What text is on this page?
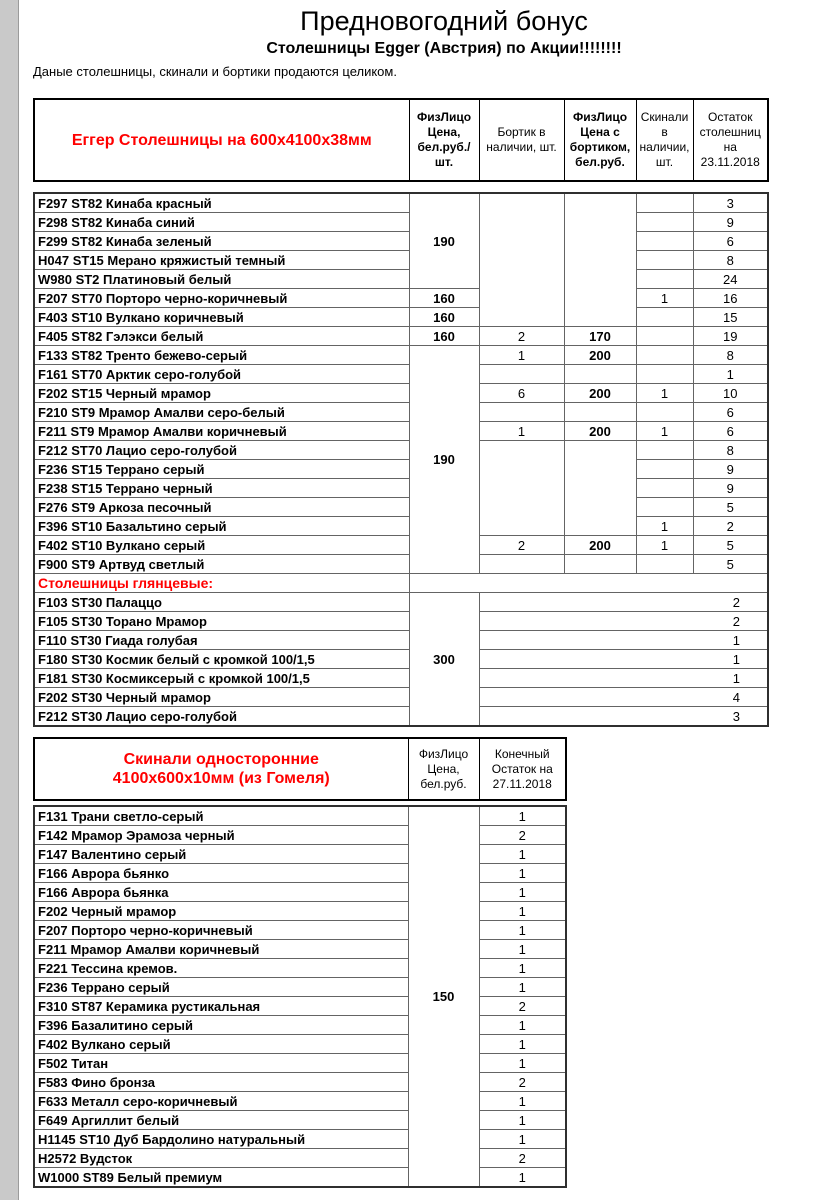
Предновогодний бонус
Столешницы Egger (Австрия) по Акции!!!!!!!!
Даные столешницы, скинали и бортики продаются целиком.
Еггер Столешницы на 600х4100х38мм	ФизЛицо Цена, бел.руб./ шт.	Бортик в наличии, шт.	ФизЛицо Цена с бортиком, бел.руб.	Скинали в наличии, шт.	Остаток столешниц на 23.11.2018
F297 ST82 Кинаба красный	190				3
F298 ST82 Кинаба синий					9
F299 ST82 Кинаба зеленый					6
H047 ST15 Мерано кряжистый темный					8
W980 ST2 Платиновый белый					24
F207 ST70 Порторо черно-коричневый	160			1	16
F403 ST10 Вулкано коричневый	160				15
F405 ST82 Гэлэкси белый	160	2	170		19
F133 ST82 Тренто бежево-серый	190	1	200		8
F161 ST70 Арктик серо-голубой					1
F202 ST15 Черный мрамор		6	200	1	10
F210 ST9 Мрамор Амалви серо-белый					6
F211 ST9 Мрамор Амалви коричневый		1	200	1	6
F212 ST70 Лацио серо-голубой					8
F236 ST15 Террано серый					9
F238 ST15 Террано черный					9
F276 ST9 Аркоза песочный					5
F396 ST10 Базальтино серый				1	2
F402 ST10 Вулкано серый		2	200	1	5
F900 ST9 Артвуд светлый					5
Столешницы глянцевые:					
F103 ST30 Палаццо	300	2			
F105 ST30 Торано Мрамор		2			
F110 ST30 Гиада голубая		1			
F180 ST30 Космик белый с кромкой 100/1,5		1			
F181 ST30 Космиксерый с кромкой 100/1,5		1			
F202 ST30 Черный мрамор		4			
F212 ST30 Лацио серо-голубой		3			
Скинали односторонние
4100х600х10мм (из Гомеля)
	ФизЛицо Цена, бел.руб.	Конечный Остаток на 27.11.2018
F131 Трани светло-серый	150	1
F142 Мрамор Эрамоза черный		2
F147 Валентино серый		1
F166 Аврора бьянко		1
F166 Аврора бьянка		1
F202 Черный мрамор		1
F207 Порторо черно-коричневый		1
F211 Мрамор Амалви коричневый		1
F221 Тессина кремов.		1
F236 Террано серый		1
F310 ST87 Керамика рустикальная		2
F396 Базалитино серый		1
F402 Вулкано серый		1
F502 Титан		1
F583 Фино бронза		2
F633 Металл серо-коричневый		1
F649 Аргиллит белый		1
H1145 ST10 Дуб Бардолино натуральный		1
H2572 Вудсток		2
W1000 ST89 Белый премиум		1
